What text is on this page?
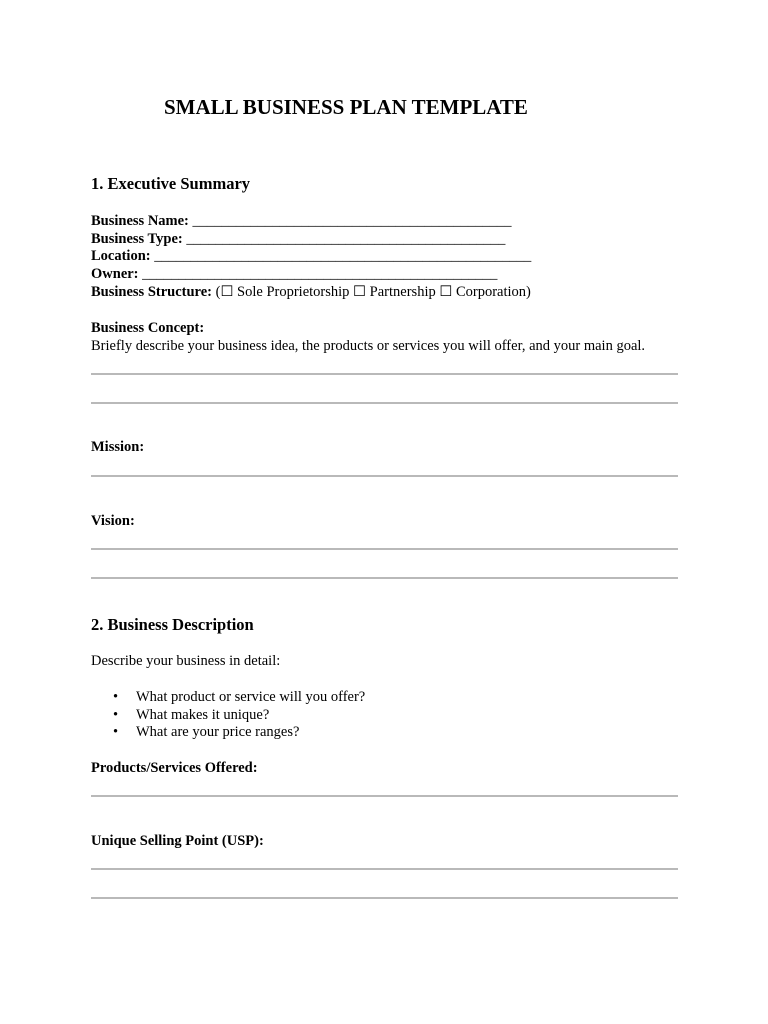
SMALL BUSINESS PLAN TEMPLATE
1. Executive Summary
Business Name: ____________________________________________
Business Type: ____________________________________________
Location: ____________________________________________________
Owner: _________________________________________________
Business Structure: (☐ Sole Proprietorship ☐ Partnership ☐ Corporation)
Business Concept:
Briefly describe your business idea, the products or services you will offer, and your main goal.
Mission:
Vision:
2. Business Description
Describe your business in detail:
• What product or service will you offer?
• What makes it unique?
• What are your price ranges?
Products/Services Offered:
Unique Selling Point (USP):
